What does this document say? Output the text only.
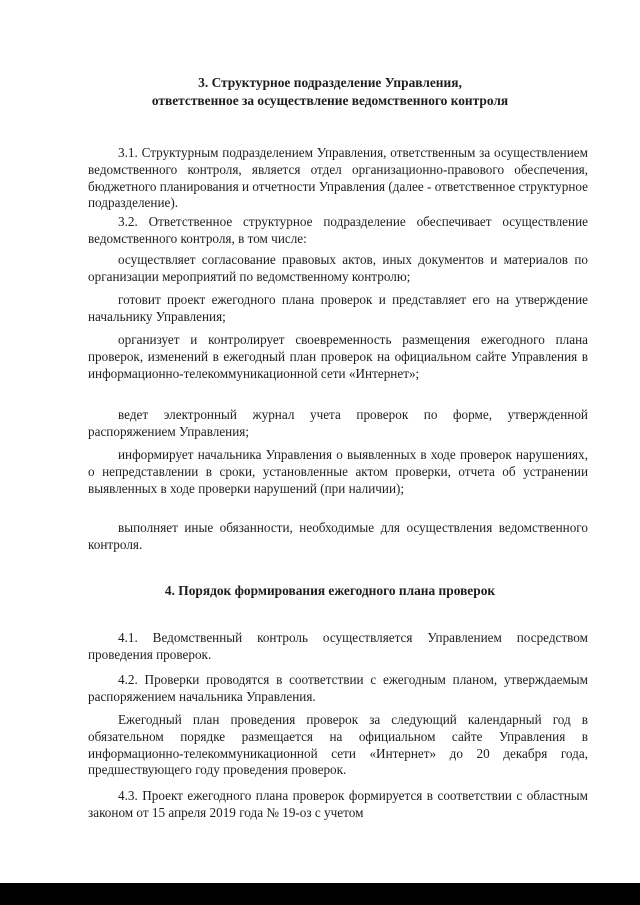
3. Структурное подразделение Управления,
ответственное за осуществление ведомственного контроля

3.1. Структурным подразделением Управления, ответственным за осуществлением ведомственного контроля, является отдел организационно-правового обеспечения, бюджетного планирования и отчетности Управления (далее - ответственное структурное подразделение).

3.2. Ответственное структурное подразделение обеспечивает осуществление ведомственного контроля, в том числе:

осуществляет согласование правовых актов, иных документов и материалов по организации мероприятий по ведомственному контролю;

готовит проект ежегодного плана проверок и представляет его на утверждение начальнику Управления;

организует и контролирует своевременность размещения ежегодного плана проверок, изменений в ежегодный план проверок на официальном сайте Управления в информационно-телекоммуникационной сети «Интернет»;

ведет электронный журнал учета проверок по форме, утвержденной распоряжением Управления;

информирует начальника Управления о выявленных в ходе проверок нарушениях, о непредставлении в сроки, установленные актом проверки, отчета об устранении выявленных в ходе проверки нарушений (при наличии);

выполняет иные обязанности, необходимые для осуществления ведомственного контроля.

4. Порядок формирования ежегодного плана проверок

4.1. Ведомственный контроль осуществляется Управлением посредством проведения проверок.

4.2. Проверки проводятся в соответствии с ежегодным планом, утверждаемым распоряжением начальника Управления.

Ежегодный план проведения проверок за следующий календарный год в обязательном порядке размещается на официальном сайте Управления в информационно-телекоммуникационной сети «Интернет» до 20 декабря года, предшествующего году проведения проверок.

4.3. Проект ежегодного плана проверок формируется в соответствии с областным законом от 15 апреля 2019 года № 19-оз с учетом
